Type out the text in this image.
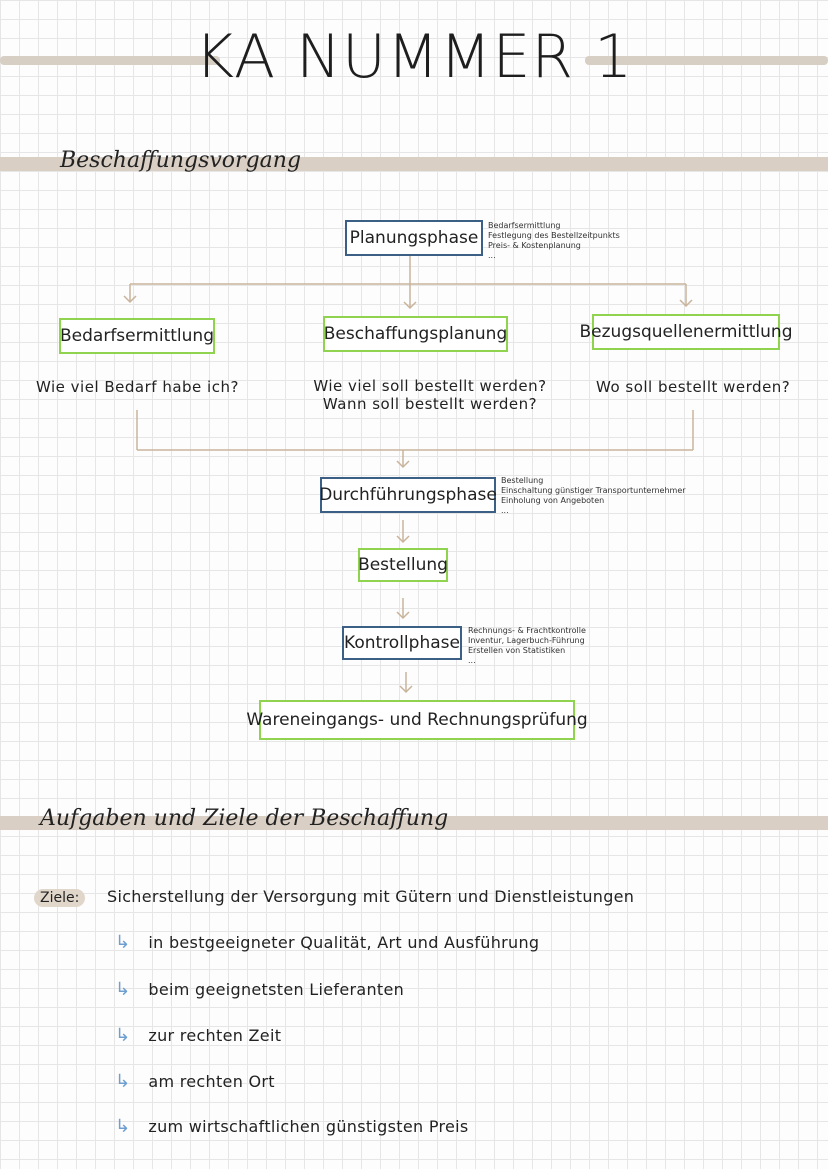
KA NUMMER 1
Beschaffungsvorgang
Planungsphase
Bedarfsermittlung
Festlegung des Bestellzeitpunkts
Preis- & Kostenplanung
...
Bedarfsermittlung	Beschaffungsplanung	Bezugsquellenermittlung
Wie viel Bedarf habe ich?	Wie viel soll bestellt werden?
Wann soll bestellt werden?
Wo soll bestellt werden?
Durchführungsphase
Bestellung
Einschaltung günstiger Transportunternehmer
Einholung von Angeboten
...
Bestellung
Kontrollphase
Rechnungs- & Frachtkontrolle
Inventur, Lagerbuch-Führung
Erstellen von Statistiken
...
Wareneingangs- und Rechnungsprüfung
Aufgaben und Ziele der Beschaffung
Ziele:	Sicherstellung der Versorgung mit Gütern und Dienstleistungen
↳ in bestgeeigneter Qualität, Art und Ausführung
↳ beim geeignetsten Lieferanten
↳ zur rechten Zeit
↳ am rechten Ort
↳ zum wirtschaftlichen günstigsten Preis
